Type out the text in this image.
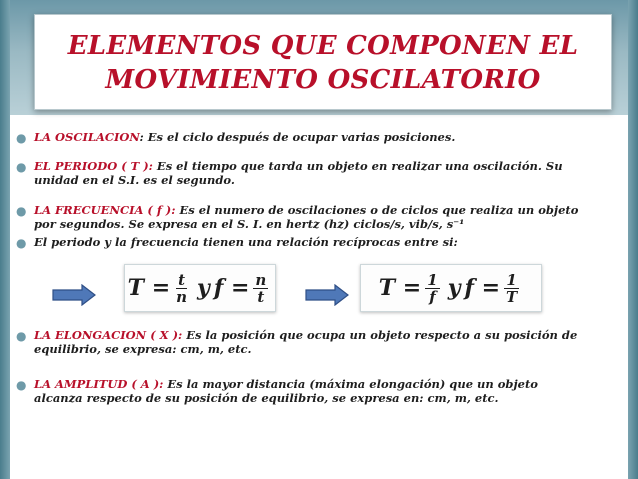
ELEMENTOS QUE COMPONEN EL
MOVIMIENTO OSCILATORIO
● LA OSCILACION: Es el ciclo después de ocupar varias posiciones.
● EL PERIODO ( T ): Es el tiempo que tarda un objeto en realizar una oscilación. Su
unidad en el S.I. es el segundo.
● LA FRECUENCIA ( f ): Es el numero de oscilaciones o de ciclos que realiza un objeto
por segundos. Se expresa en el S. I. en hertz (hz) ciclos/s, vib/s, s⁻¹
● El periodo y la frecuencia tienen una relación recíprocas entre si:
$T = \frac{t}{n}$ y $f = \frac{n}{t}$	$T = \frac{1}{f}$ y $f = \frac{1}{T}$
● LA ELONGACION ( X ): Es la posición que ocupa un objeto respecto a su posición de
equilibrio, se expresa: cm, m, etc.
● LA AMPLITUD ( A ): Es la mayor distancia (máxima elongación) que un objeto
alcanza respecto de su posición de equilibrio, se expresa en: cm, m, etc.
